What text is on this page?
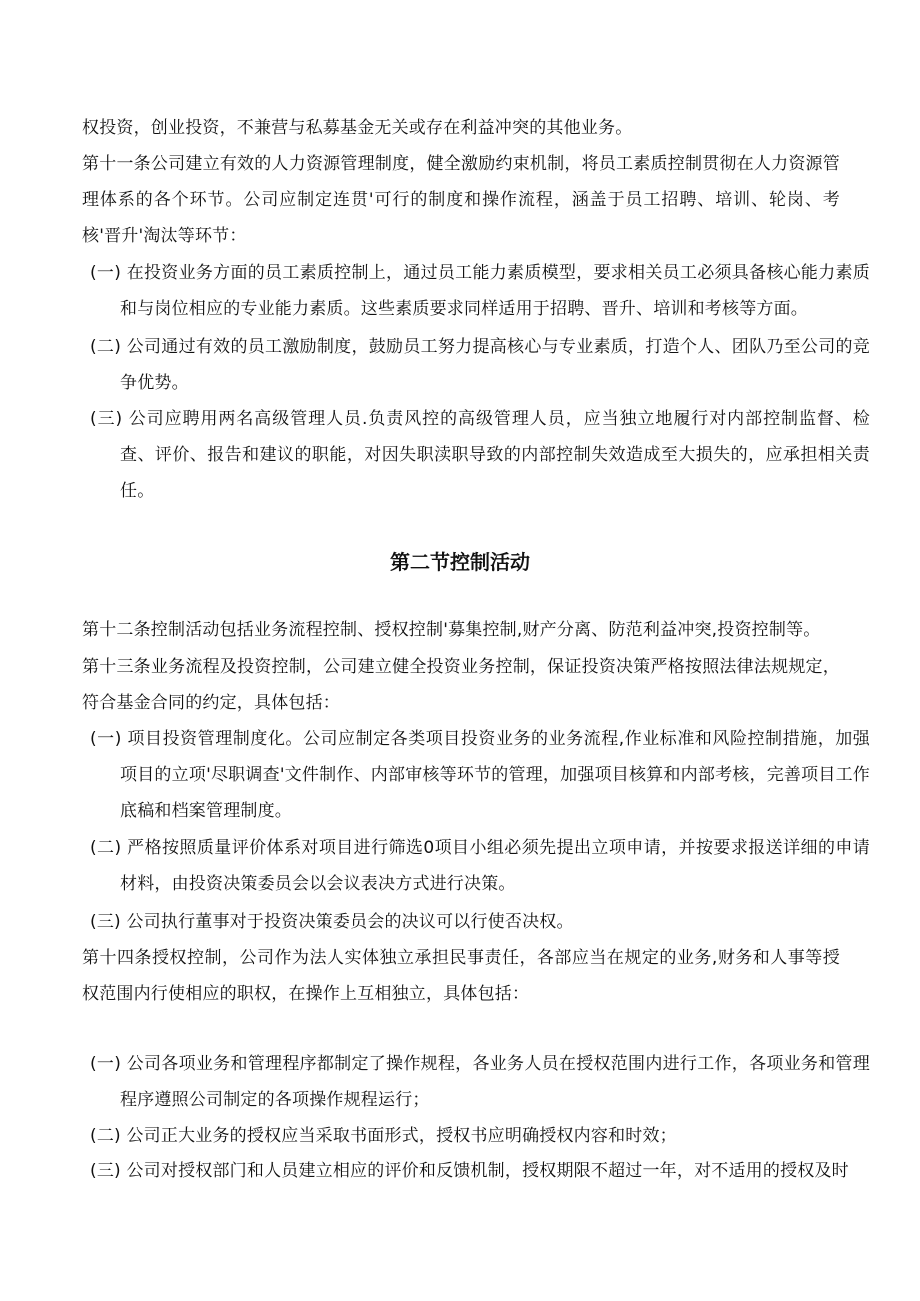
权投资，创业投资，不兼营与私募基金无关或存在利益冲突的其他业务。

第十一条公司建立有效的人力资源管理制度，健全激励约束机制，将员工素质控制贯彻在人力资源管理体系的各个环节。公司应制定连贯'可行的制度和操作流程，涵盖于员工招聘、培训、轮岗、考核'晋升'淘汰等环节：

(一) 在投资业务方面的员工素质控制上，通过员工能力素质模型，要求相关员工必须具备核心能力素质和与岗位相应的专业能力素质。这些素质要求同样适用于招聘、晋升、培训和考核等方面。

(二) 公司通过有效的员工激励制度，鼓励员工努力提高核心与专业素质，打造个人、团队乃至公司的竞争优势。

(三) 公司应聘用两名高级管理人员.负责风控的高级管理人员，应当独立地履行对内部控制监督、检查、评价、报告和建议的职能，对因失职渎职导致的内部控制失效造成至大损失的，应承担相关责任。

第二节控制活动

第十二条控制活动包括业务流程控制、授权控制'募集控制,财产分离、防范利益冲突,投资控制等。

第十三条业务流程及投资控制，公司建立健全投资业务控制，保证投资决策严格按照法律法规规定，符合基金合同的约定，具体包括：

(一) 项目投资管理制度化。公司应制定各类项目投资业务的业务流程,作业标准和风险控制措施，加强项目的立项'尽职调查'文件制作、内部审核等环节的管理，加强项目核算和内部考核，完善项目工作底稿和档案管理制度。

(二) 严格按照质量评价体系对项目进行筛选0项目小组必须先提出立项申请，并按要求报送详细的申请材料，由投资决策委员会以会议表决方式进行决策。

(三) 公司执行董事对于投资决策委员会的决议可以行使否决权。

第十四条授权控制，公司作为法人实体独立承担民事责任，各部应当在规定的业务,财务和人事等授权范围内行使相应的职权，在操作上互相独立，具体包括：

(一) 公司各项业务和管理程序都制定了操作规程，各业务人员在授权范围内进行工作，各项业务和管理程序遵照公司制定的各项操作规程运行；

(二) 公司正大业务的授权应当采取书面形式，授权书应明确授权内容和时效；

(三) 公司对授权部门和人员建立相应的评价和反馈机制，授权期限不超过一年，对不适用的授权及时
